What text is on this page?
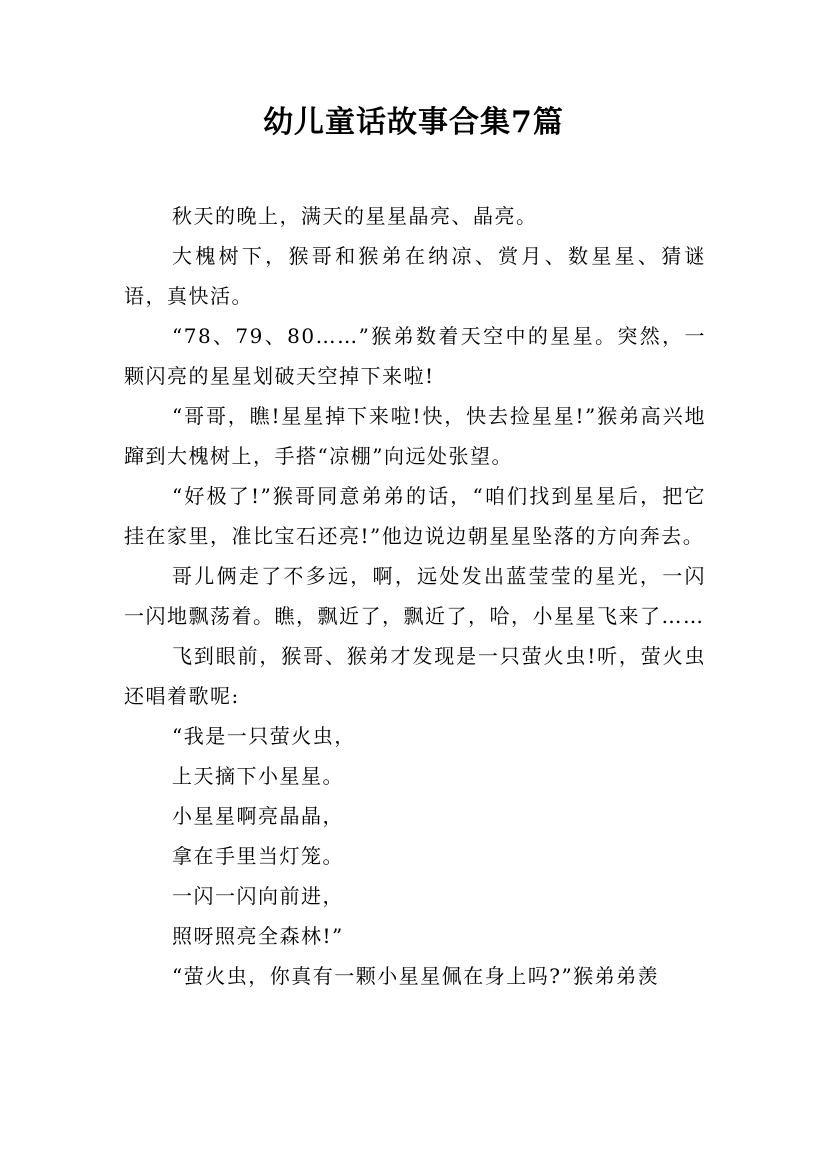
幼儿童话故事合集7篇

秋天的晚上，满天的星星晶亮、晶亮。

大槐树下，猴哥和猴弟在纳凉、赏月、数星星、猜谜语，真快活。

“78、79、80……”猴弟数着天空中的星星。突然，一颗闪亮的星星划破天空掉下来啦!

“哥哥，瞧!星星掉下来啦!快，快去捡星星!”猴弟高兴地蹿到大槐树上，手搭“凉棚”向远处张望。

“好极了!”猴哥同意弟弟的话，“咱们找到星星后，把它挂在家里，准比宝石还亮!”他边说边朝星星坠落的方向奔去。

哥儿俩走了不多远，啊，远处发出蓝莹莹的星光，一闪一闪地飘荡着。瞧，飘近了，飘近了，哈，小星星飞来了……

飞到眼前，猴哥、猴弟才发现是一只萤火虫!听，萤火虫还唱着歌呢:

“我是一只萤火虫，

上天摘下小星星。

小星星啊亮晶晶，

拿在手里当灯笼。

一闪一闪向前进，

照呀照亮全森林!”

“萤火虫，你真有一颗小星星佩在身上吗?”猴弟弟羡
